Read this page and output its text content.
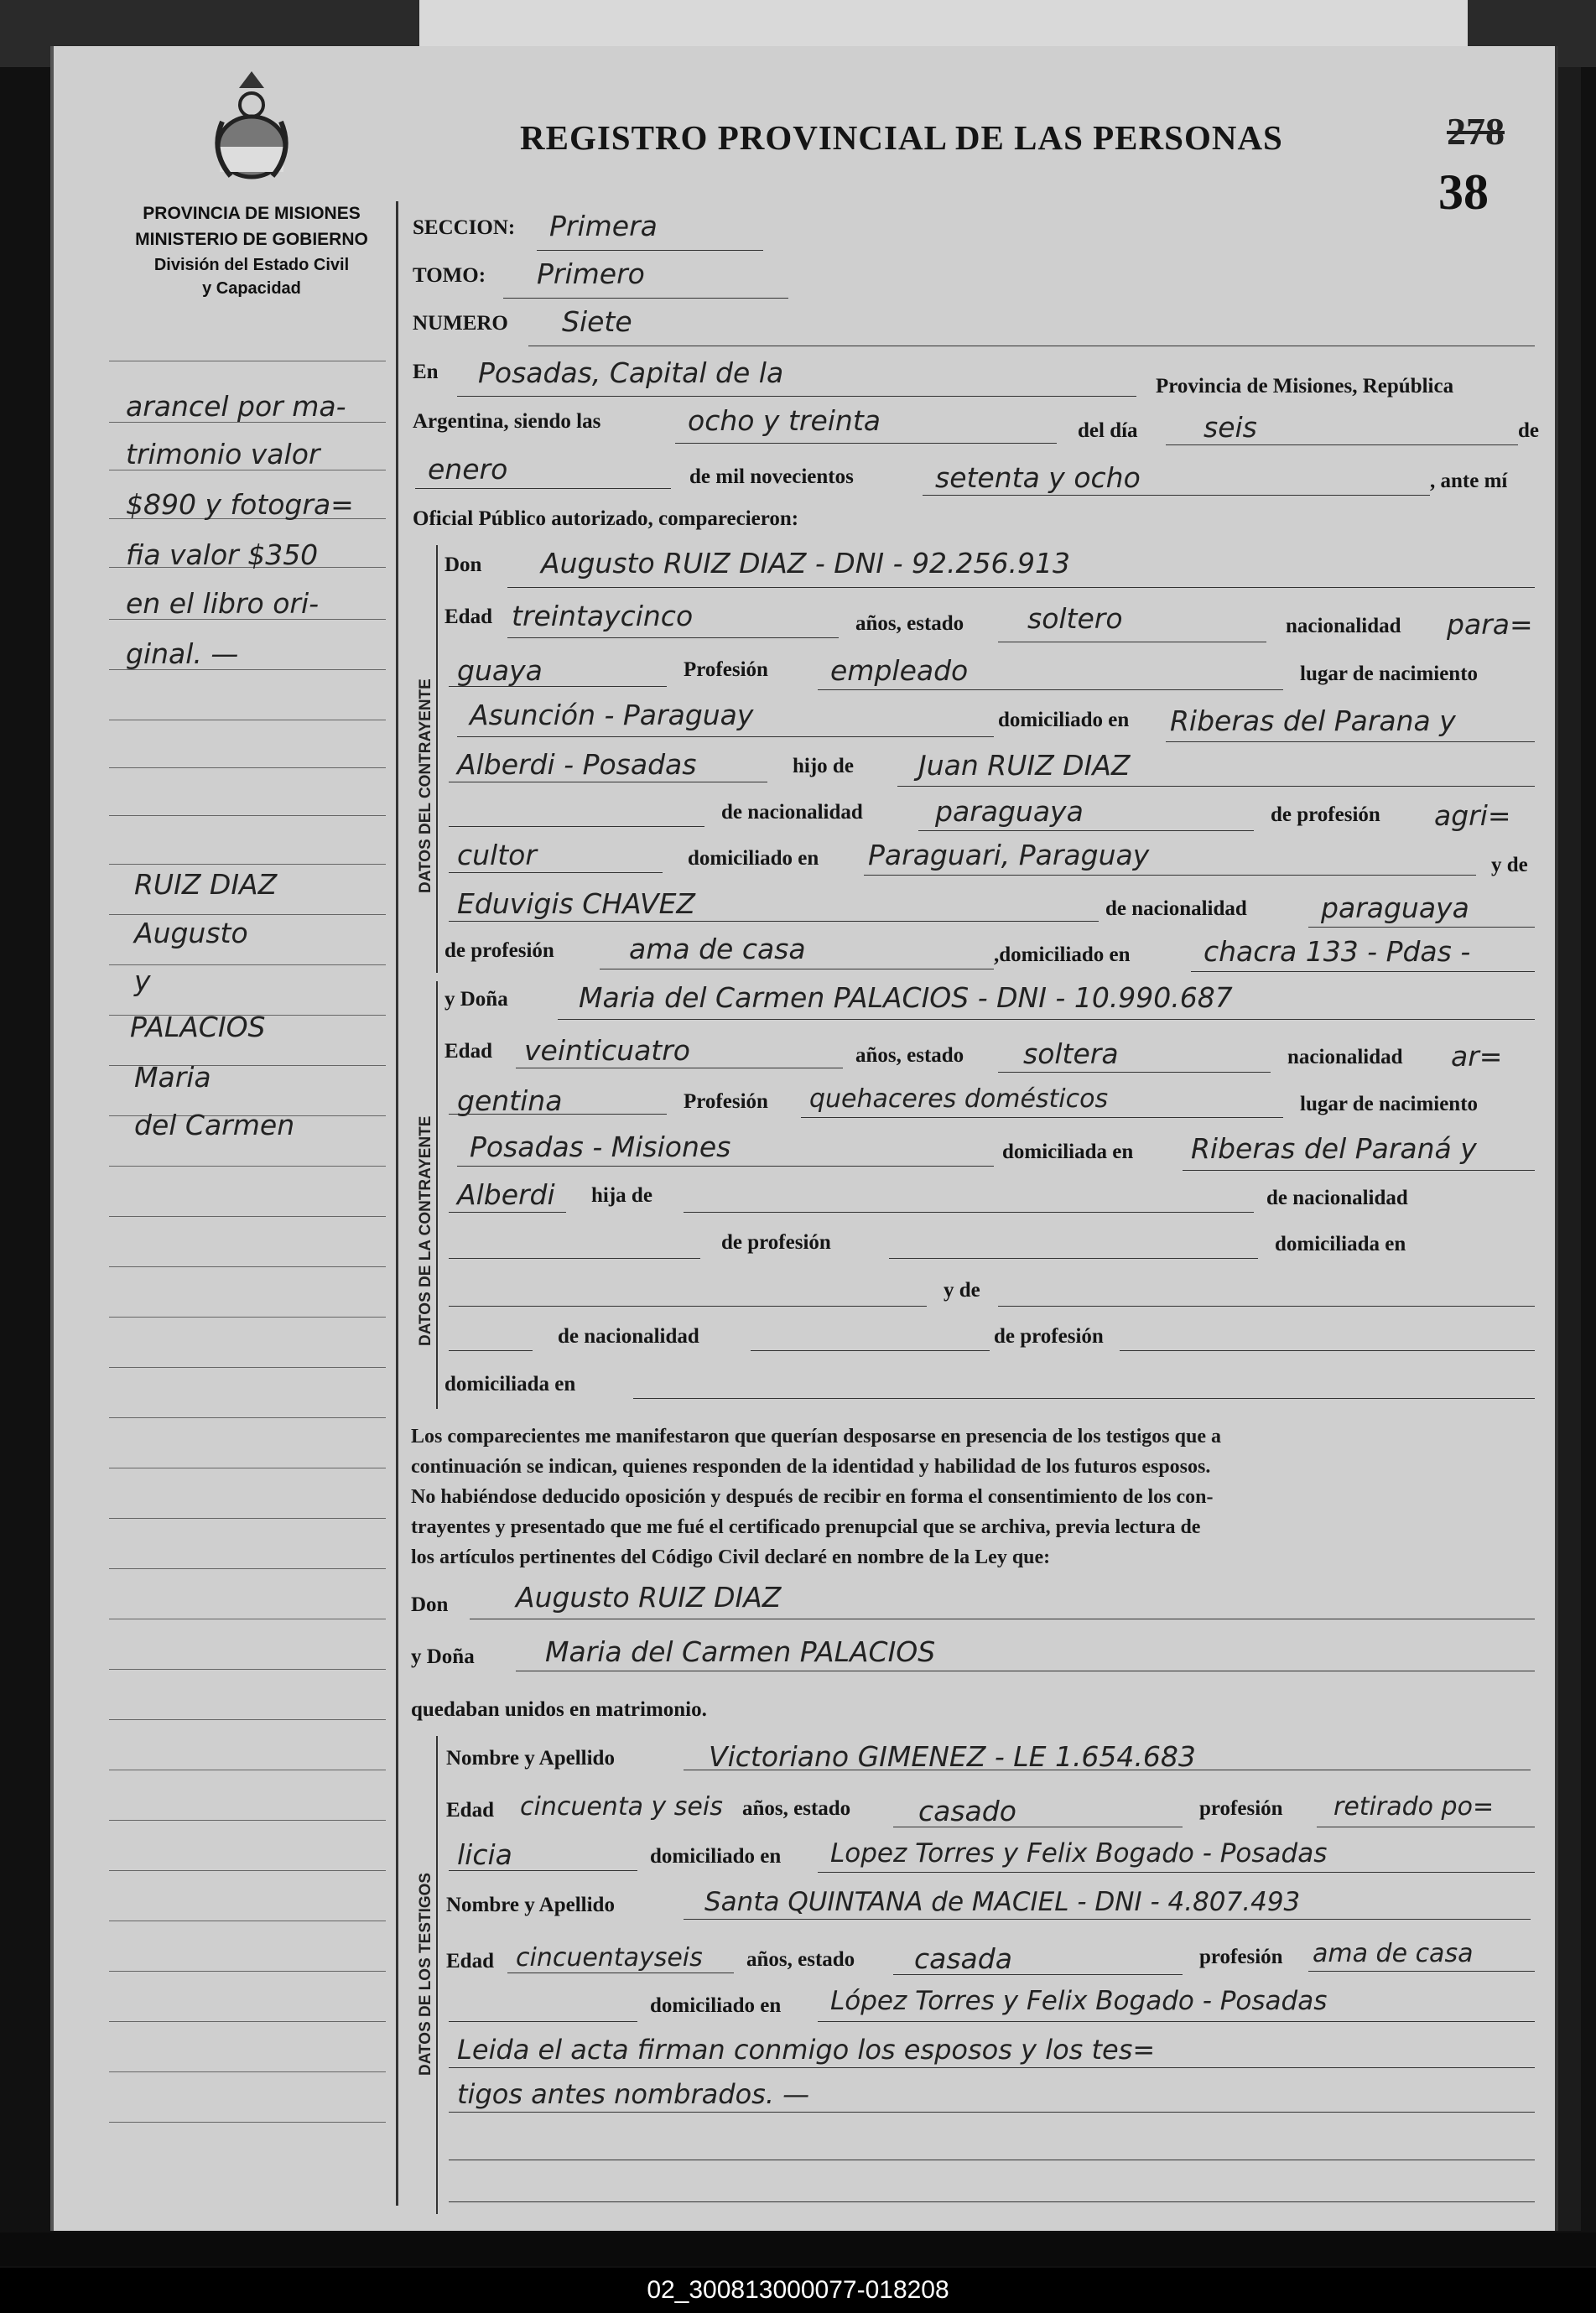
PROVINCIA DE MISIONES
MINISTERIO DE GOBIERNO
División del Estado Civil
y Capacidad
arancel por ma-
trimonio valor
$890 y fotogra=
fia valor $350
en el libro ori-
ginal. —
RUIZ DIAZ
Augusto
y
PALACIOS
Maria
del Carmen
REGISTRO PROVINCIAL DE LAS PERSONAS	278
38
SECCION: Primera
TOMO: Primero
NUMERO Siete
En Posadas, Capital de la	Provincia de Misiones, República
Argentina, siendo las	ocho y treinta	del día seis	de
enero	de mil novecientos	setenta y ocho	, ante mí
Oficial Público autorizado, comparecieron:
DATOS DEL CONTRAYENTE
Don Augusto RUIZ DIAZ - DNI - 92.256.913
Edad treintaycinco	años, estado soltero	nacionalidad para=
guaya	Profesión empleado	lugar de nacimiento
Asunción - Paraguay	domiciliado en Riberas del Parana y
Alberdi - Posadas	hijo de Juan RUIZ DIAZ
de nacionalidad	paraguaya	de profesión agri=
cultor	domiciliado en Paraguari, Paraguay	y de
Eduvigis CHAVEZ	de nacionalidad	paraguaya
de profesión	ama de casa	,domiciliado en	chacra 133 - Pdas -
DATOS DE LA CONTRAYENTE
y Doña	Maria del Carmen PALACIOS - DNI - 10.990.687
Edad veinticuatro	años, estado soltera	nacionalidad ar=
gentina	Profesión quehaceres domésticos	lugar de nacimiento
Posadas - Misiones	domiciliada en Riberas del Paraná y
Alberdi hija de	de nacionalidad
de profesión	domiciliada en
y de
de nacionalidad	de profesión
domiciliada en
Los comparecientes me manifestaron que querían desposarse en presencia de los testigos que a
continuación se indican, quienes responden de la identidad y habilidad de los futuros esposos.
No habiéndose deducido oposición y después de recibir en forma el consentimiento de los con-
trayentes y presentado que me fué el certificado prenupcial que se archiva, previa lectura de
los artículos pertinentes del Código Civil declaré en nombre de la Ley que:
Don Augusto RUIZ DIAZ
y Doña	Maria del Carmen PALACIOS
quedaban unidos en matrimonio.
DATOS DE LOS TESTIGOS
Nombre y Apellido	Victoriano GIMENEZ - LE 1.654.683
Edad cincuenta y seis años, estado casado	profesión retirado po=
licia	domiciliado en Lopez Torres y Felix Bogado - Posadas
Nombre y Apellido	Santa QUINTANA de MACIEL - DNI - 4.807.493
Edad cincuentayseis años, estado casada	profesión ama de casa
domiciliado en López Torres y Felix Bogado - Posadas
Leida el acta firman conmigo los esposos y los tes=
tigos antes nombrados. —
02_300813000077-018208
